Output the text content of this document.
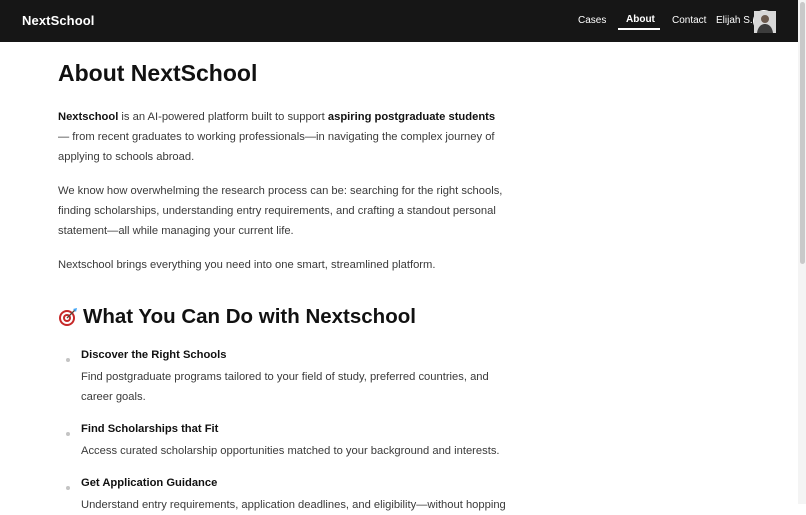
NextSchool	Cases About Contact Elijah S.
About NextSchool

Nextschool is an AI-powered platform built to support aspiring postgraduate students— from recent graduates to working professionals—in navigating the complex journey of applying to schools abroad.

We know how overwhelming the research process can be: searching for the right schools, finding scholarships, understanding entry requirements, and crafting a standout personal statement—all while managing your current life.

Nextschool brings everything you need into one smart, streamlined platform.

What You Can Do with Nextschool
Discover the Right Schools
Find postgraduate programs tailored to your field of study, preferred countries, and career goals.
Find Scholarships that Fit
Access curated scholarship opportunities matched to your background and interests.
Get Application Guidance
Understand entry requirements, application deadlines, and eligibility—without hopping
